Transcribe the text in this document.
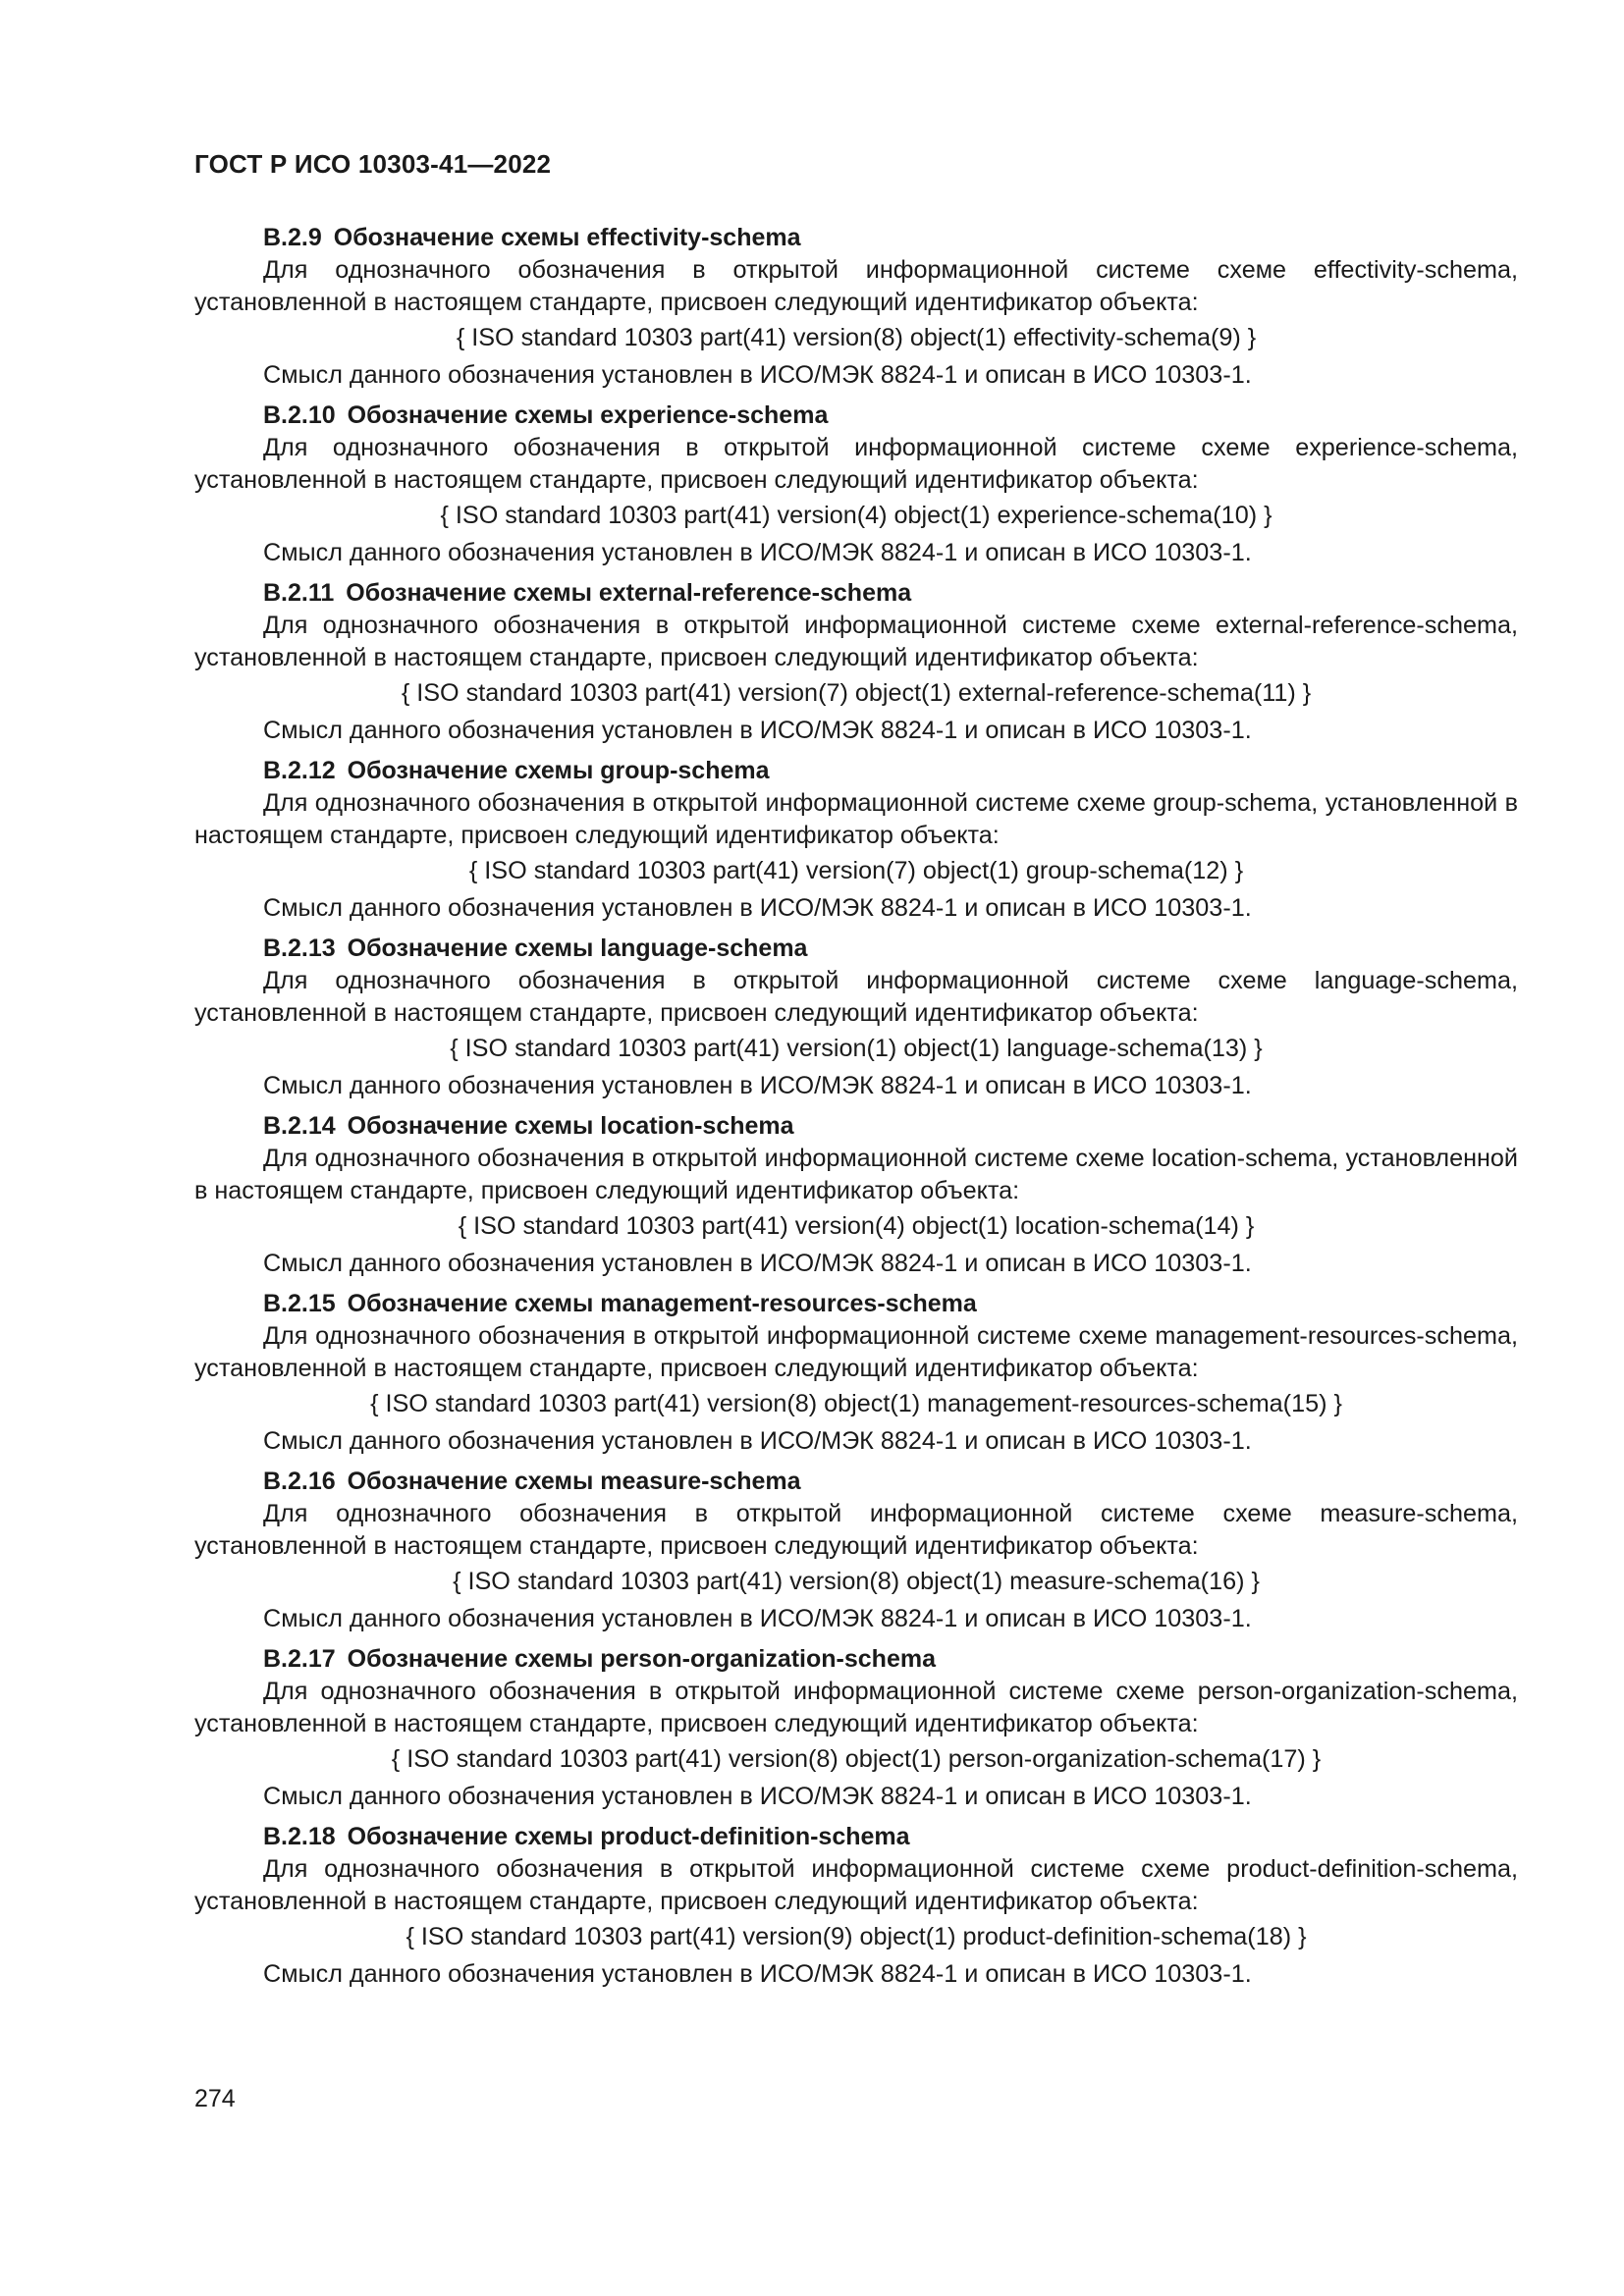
ГОСТ Р ИСО 10303-41—2022
B.2.9 Обозначение схемы effectivity-schema

Для однозначного обозначения в открытой информационной системе схеме effectivity-schema, установленной в настоящем стандарте, присвоен следующий идентификатор объекта:

{ ISO standard 10303 part(41) version(8) object(1) effectivity-schema(9) }
Смысл данного обозначения установлен в ИСО/МЭК 8824-1 и описан в ИСО 10303-1.
B.2.10 Обозначение схемы experience-schema

Для однозначного обозначения в открытой информационной системе схеме experience-schema, установленной в настоящем стандарте, присвоен следующий идентификатор объекта:

{ ISO standard 10303 part(41) version(4) object(1) experience-schema(10) }
Смысл данного обозначения установлен в ИСО/МЭК 8824-1 и описан в ИСО 10303-1.
B.2.11 Обозначение схемы external-reference-schema

Для однозначного обозначения в открытой информационной системе схеме external-reference-schema, установленной в настоящем стандарте, присвоен следующий идентификатор объекта:

{ ISO standard 10303 part(41) version(7) object(1) external-reference-schema(11) }
Смысл данного обозначения установлен в ИСО/МЭК 8824-1 и описан в ИСО 10303-1.
B.2.12 Обозначение схемы group-schema

Для однозначного обозначения в открытой информационной системе схеме group-schema, установленной в настоящем стандарте, присвоен следующий идентификатор объекта:

{ ISO standard 10303 part(41) version(7) object(1) group-schema(12) }
Смысл данного обозначения установлен в ИСО/МЭК 8824-1 и описан в ИСО 10303-1.
B.2.13 Обозначение схемы language-schema

Для однозначного обозначения в открытой информационной системе схеме language-schema, установленной в настоящем стандарте, присвоен следующий идентификатор объекта:

{ ISO standard 10303 part(41) version(1) object(1) language-schema(13) }
Смысл данного обозначения установлен в ИСО/МЭК 8824-1 и описан в ИСО 10303-1.
B.2.14 Обозначение схемы location-schema

Для однозначного обозначения в открытой информационной системе схеме location-schema, установленной в настоящем стандарте, присвоен следующий идентификатор объекта:

{ ISO standard 10303 part(41) version(4) object(1) location-schema(14) }
Смысл данного обозначения установлен в ИСО/МЭК 8824-1 и описан в ИСО 10303-1.
B.2.15 Обозначение схемы management-resources-schema

Для однозначного обозначения в открытой информационной системе схеме management-resources-schema, установленной в настоящем стандарте, присвоен следующий идентификатор объекта:

{ ISO standard 10303 part(41) version(8) object(1) management-resources-schema(15) }
Смысл данного обозначения установлен в ИСО/МЭК 8824-1 и описан в ИСО 10303-1.
B.2.16 Обозначение схемы measure-schema

Для однозначного обозначения в открытой информационной системе схеме measure-schema, установленной в настоящем стандарте, присвоен следующий идентификатор объекта:

{ ISO standard 10303 part(41) version(8) object(1) measure-schema(16) }
Смысл данного обозначения установлен в ИСО/МЭК 8824-1 и описан в ИСО 10303-1.
B.2.17 Обозначение схемы person-organization-schema

Для однозначного обозначения в открытой информационной системе схеме person-organization-schema, установленной в настоящем стандарте, присвоен следующий идентификатор объекта:

{ ISO standard 10303 part(41) version(8) object(1) person-organization-schema(17) }
Смысл данного обозначения установлен в ИСО/МЭК 8824-1 и описан в ИСО 10303-1.
B.2.18 Обозначение схемы product-definition-schema

Для однозначного обозначения в открытой информационной системе схеме product-definition-schema, установленной в настоящем стандарте, присвоен следующий идентификатор объекта:

{ ISO standard 10303 part(41) version(9) object(1) product-definition-schema(18) }
Смысл данного обозначения установлен в ИСО/МЭК 8824-1 и описан в ИСО 10303-1.
274
